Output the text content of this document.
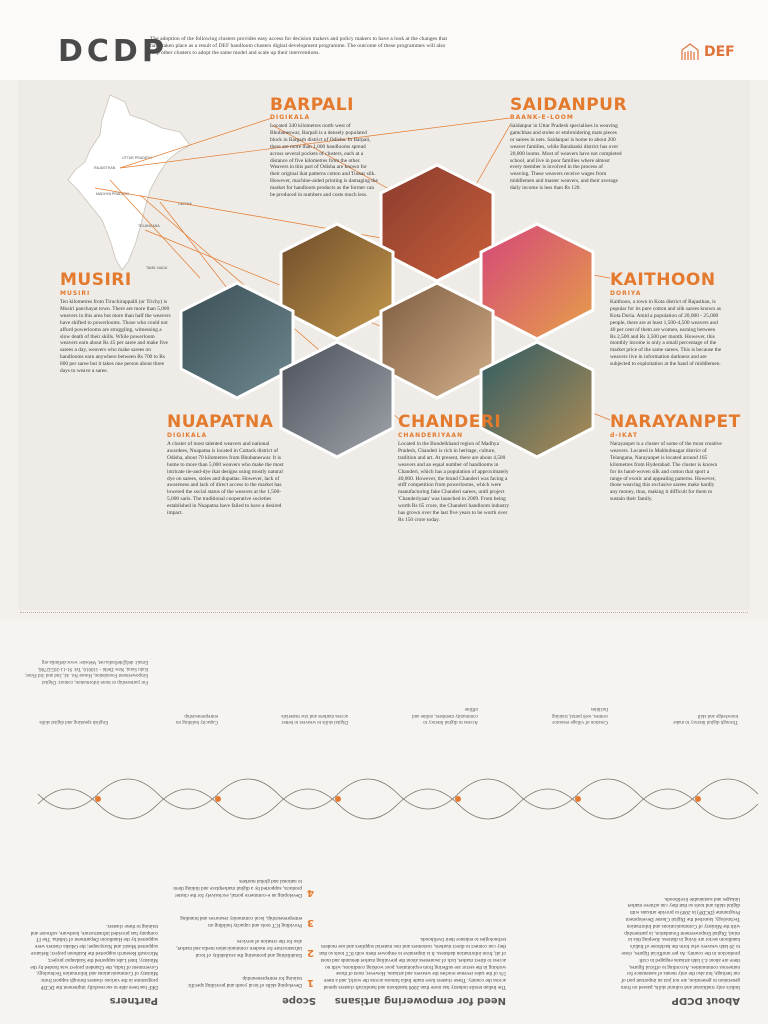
DCDP
The adoption of the following clusters provides easy access for decision makers and policy makers to have a look at the changes that have taken place as a result of DEF handloom clusters digital development programme. The outcome of these programmes will also help other clusters to adopt the same model and scale up their interventions.	DEF
UTTAR PRADESH
RAJASTHAN
MADHYA PRADESH
ODISHA
TELANGANA
TAMIL NADU
BARPALI
DIGIKALA
Located 340 kilometres north west of Bhubaneswar, Barpali is a densely populated block in Bargarh district of Odisha. In Barpali, there are more than 1,000 handlooms spread across several pockets of clusters, each at a distance of five kilometres from the other. Weavers in this part of Odisha are known for their original ikat patterns cotton and Tussar silk. However, machine-aided printing is damaging the market for handloom products as the former can be produced in numbers and costs much less.
SAIDANPUR
BAANK-E-LOOM
Saidanpur in Uttar Pradesh specialises in weaving gamchhas and stoles or embroidering mats pieces or sarees in nets. Saidanpur is home to about 200 weaver families, while Barabanki district has over 20,000 looms. Most of weavers have not completed school, and live in poor families where almost every member is involved in the process of weaving. These weavers receive wages from middlemen and master weavers, and their average daily income is less than Rs 120.
MUSIRI
MUSIRI
Ten kilometres from Tiruchirappalli (or Trichy) is Musiri panchayat town. There are more than 5,000 weavers in this area but more than half the weavers have shifted to powerlooms. Those who could not afford powerlooms are struggling, witnessing a slow death of their skills. While powerloom weavers earn about Rs 45 per saree and make five sarees a day, weavers who make sarees on handlooms earn anywhere between Rs 700 to Rs 800 per saree but it takes one person about three days to weave a saree.
KAITHOON
DORIYA
Kaithoon, a town in Kota district of Rajasthan, is popular for its pure cotton and silk sarees known as Kota Doria. Amid a population of 20,000 - 25,000 people, there are at least 1,500-4,500 weavers and 40 per cent of them are women, earning between Rs 2,500 and Rs 3,500 per month. However, this monthly income is only a small percentage of the market price of the same sarees. This is because the weavers live in information darkness and are subjected to exploitation at the hand of middlemen.
NUAPATNA
DIGIKALA
A cluster of most talented weavers and national awardees, Nuapatna is located in Cuttack district of Odisha, about 70 kilometres from Bhubaneswar. It is home to more than 5,000 weavers who make the most intricate tie-and-dye ikat designs using mostly natural dye on sarees, stoles and dupattas. However, lack of awareness and lack of direct access to the market has lowered the social status of the weavers at the 1,500-5,000 saris. The traditional cooperative societies established in Nuapatna have failed to have a desired impact.
CHANDERI
CHANDERIYAAN
Located in the Bundelkhand region of Madhya Pradesh, Chanderi is rich in heritage, culture, tradition and art. At present, there are about 4,500 weavers and an equal number of handlooms in Chanderi, which has a population of approximately 40,000. However, the brand Chanderi was facing a stiff competition from powerlooms, which were manufacturing fake Chanderi sarees, until project 'Chanderiyaan' was launched in 2009. From being worth Rs 65 crore, the Chanderi handloom industry has grown over the last five years to be worth over Rs 150 crore today.
NARAYANPET
d-IKAT
Narayanpet is a cluster of some of the most creative weavers. Located in Mahbubnagar district of Telangana, Narayanpet is located around 165 kilometres from Hyderabad. The cluster is known for its hand-woven silk and cotton that sport a range of exotic and appealing patterns. However, those weaving this exclusive sarees make hardly any money, thus, making it difficult for them to sustain their family.
About DCDP
India's only traditional and cultural skills, passed on from generation to generation, are not just an important part of our heritage, but also the only means of sustenance for numerous communities. According to official figures, there are about 4.3 lakh artisans engaged in craft production in the country. As per unofficial figures, close to 20 lakh weavers who form the backbone of India's handloom sector are living in distress. Keeping this in mind, Digital Empowerment Foundation, in partnership with the Ministry of Communications and Information Technology, launched the Digital Cluster Development Programme (DCDP) in 2009 to provide artisans with digital skills and tools so that they can achieve market linkages and sustainable livelihoods.
Need for empowering artisans
The Indian textile industry has more than 2000 handloom and handicraft clusters spread across the country. These clusters have made India famous across the world, and a mere 5% of the sales revenue reaches the weavers and artisans. However, most of those working in the sector are suffering from exploitation, poor working conditions, with no access to direct market, lack of awareness about the prevailing market demands and most of all, from information darkness. It is imperative to empower them with ICT tools so that they can connect to direct markets, customers and raw material suppliers and use modern technologies to enhance their livelihoods.
Scope
1
Developing skills of local youth and providing specific training for entrepreneurship
2
Establishing and promoting the availability of local infrastructure for modern communication media and market, also for the creation of services
3
Providing ICT tools and capacity building on entrepreneurship, local community resources and branding
4
Developing an e-commerce portal, exclusively for the cluster products, supported by a digital marketplace and linking them to national and global markets
Partners
DEF has been able to successfully implement the DCDP programme in the various clusters through support from: Ministry of Communications and Information Technology, Government of India, the Chanderi project was funded by the Ministry; Intel Labs supported the Saidanpur project; Microsoft Research supported the Kaithoon project; Reliance supported Musiri and Narayanpet; the Odisha clusters were supported by the Handloom Department of Odisha. The IT company has provided infrastructure, hardware, software and training to these clusters.
Through digital literacy to make knowledge and skill
Creation of village resource centres, web portal, training facilities
Access to digital literacy to community members, online and offline
Digital skills to weavers to better access markets and raw materials
Capacity building on entrepreneurship
English speaking and digital skills
For partnership or more information, contact: Digital Empowerment Foundation, House No. 44, 2nd and 3rd Floor, Kalu Sarai, New Delhi - 110016, Tel: 91-11-26532786, Email: def@defindia.net, Website: www.defindia.org
